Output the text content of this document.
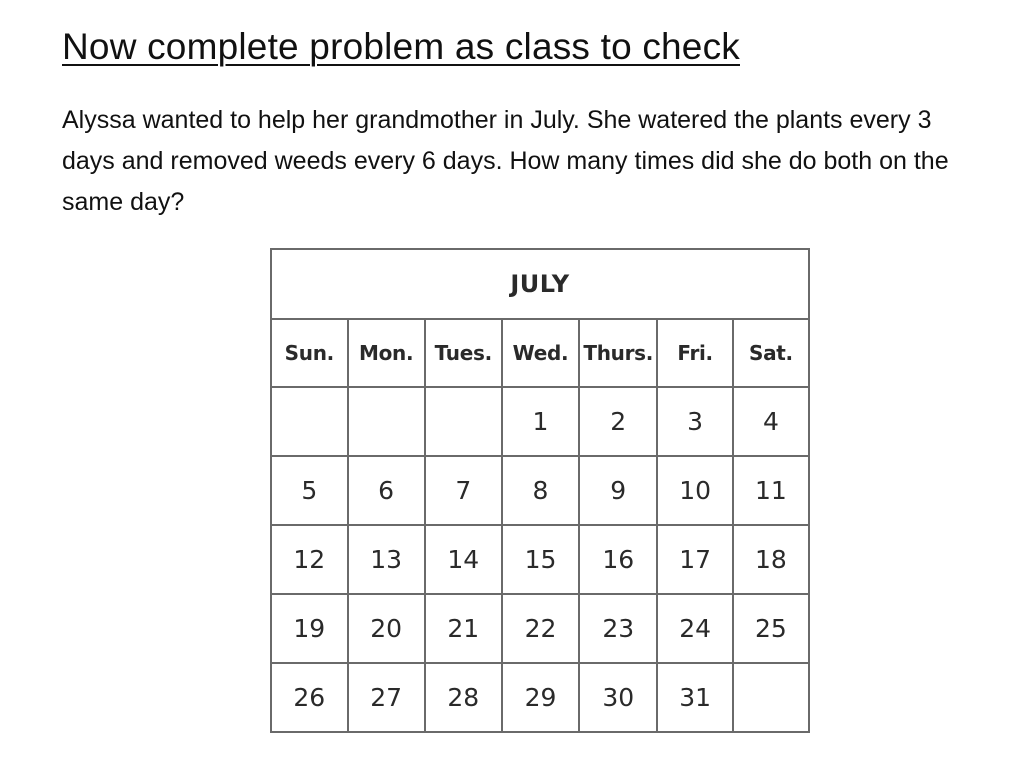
Now complete problem as class to check
Alyssa wanted to help her grandmother in July. She watered the plants every 3 days and removed weeds every 6 days. How many times did she do both on the same day?
JULY						
Sun.	Mon.	Tues.	Wed.	Thurs.	Fri.	Sat.
			1	2	3	4
5	6	7	8	9	10	11
12	13	14	15	16	17	18
19	20	21	22	23	24	25
26	27	28	29	30	31	
